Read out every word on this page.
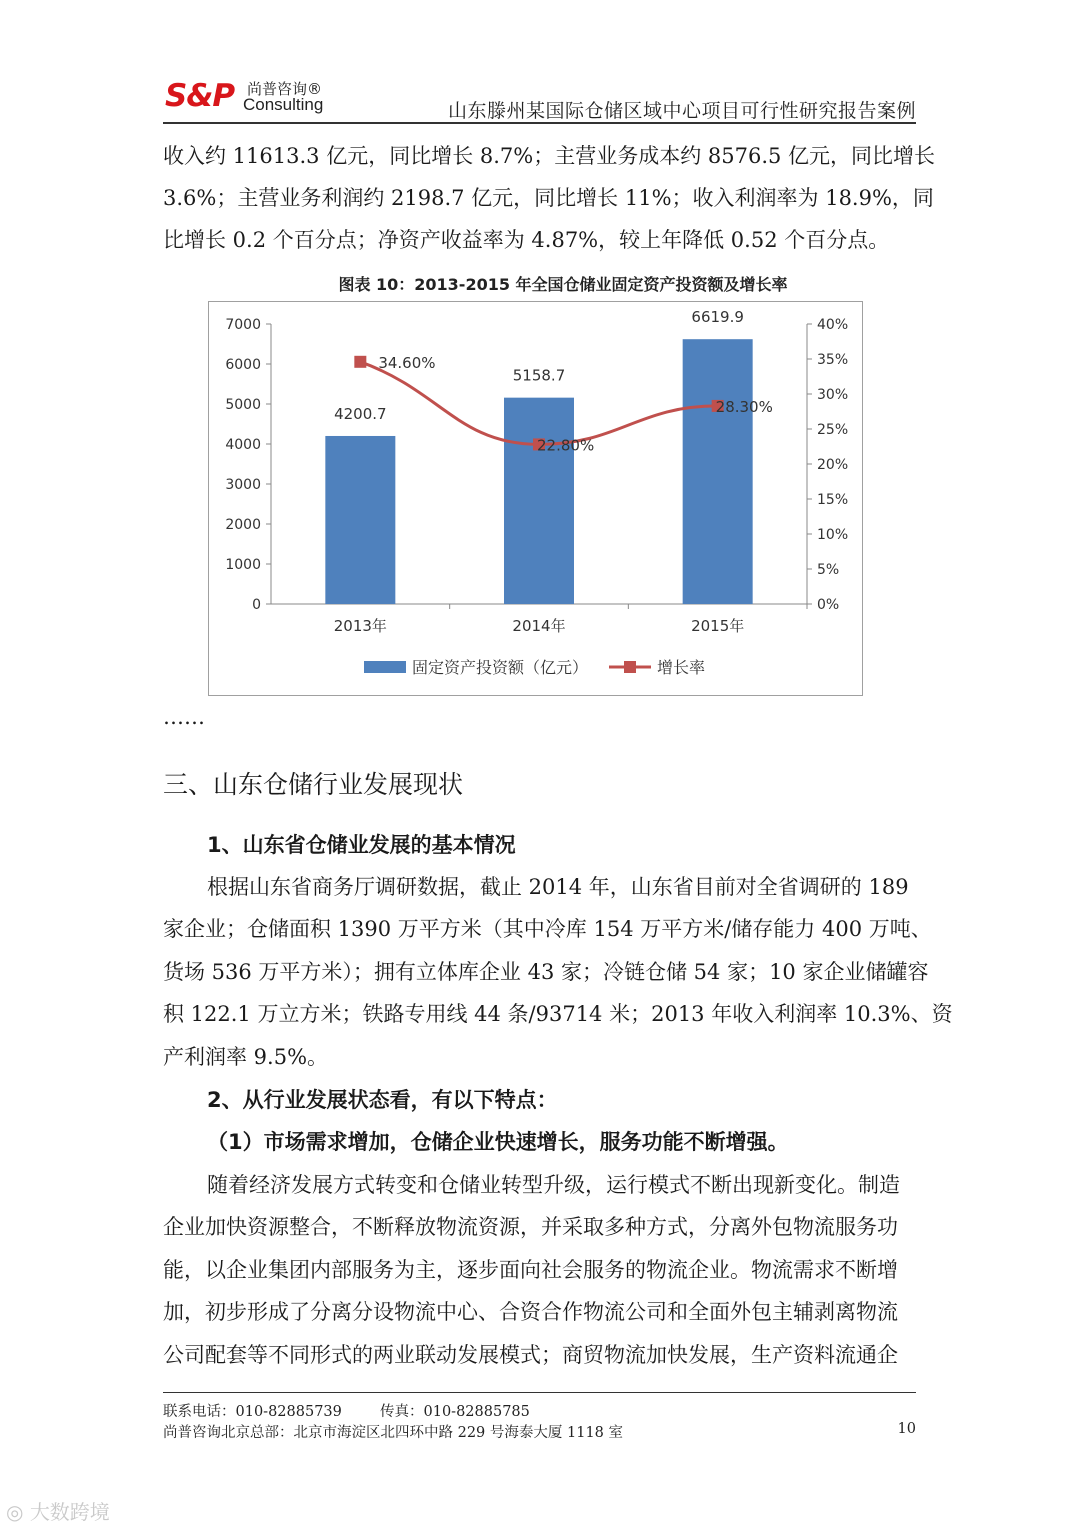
S&P 尚普咨询®
Consulting	山东滕州某国际仓储区域中心项目可行性研究报告案例
收入约 11613.3 亿元，同比增长 8.7%；主营业务成本约 8576.5 亿元，同比增长
3.6%；主营业务利润约 2198.7 亿元，同比增长 11%；收入利润率为 18.9%，同
比增长 0.2 个百分点；净资产收益率为 4.87%，较上年降低 0.52 个百分点。
图表 10：2013-2015 年全国仓储业固定资产投资额及增长率
0
1000
2000
3000
4000
5000
6000
7000
0%
5%
10%
15%
20%
25%
30%
35%
40%
2013年
4200.7
2014年
5158.7
2015年
6619.9
34.60%
22.80%
28.30%
固定资产投资额（亿元）	增长率
……
三、山东仓储行业发展现状
1、山东省仓储业发展的基本情况
根据山东省商务厅调研数据，截止 2014 年，山东省目前对全省调研的 189
家企业；仓储面积 1390 万平方米（其中冷库 154 万平方米/储存能力 400 万吨、
货场 536 万平方米）；拥有立体库企业 43 家；冷链仓储 54 家；10 家企业储罐容
积 122.1 万立方米；铁路专用线 44 条/93714 米；2013 年收入利润率 10.3%、资
产利润率 9.5%。
2、从行业发展状态看，有以下特点：
（1）市场需求增加，仓储企业快速增长，服务功能不断增强。
随着经济发展方式转变和仓储业转型升级，运行模式不断出现新变化。制造
企业加快资源整合，不断释放物流资源，并采取多种方式，分离外包物流服务功
能，以企业集团内部服务为主，逐步面向社会服务的物流企业。物流需求不断增
加，初步形成了分离分设物流中心、合资合作物流公司和全面外包主辅剥离物流
公司配套等不同形式的两业联动发展模式；商贸物流加快发展，生产资料流通企
联系电话：010-82885739	传真：010-82885785
尚普咨询北京总部：北京市海淀区北四环中路 229 号海泰大厦 1118 室	10
◎ 大数跨境
